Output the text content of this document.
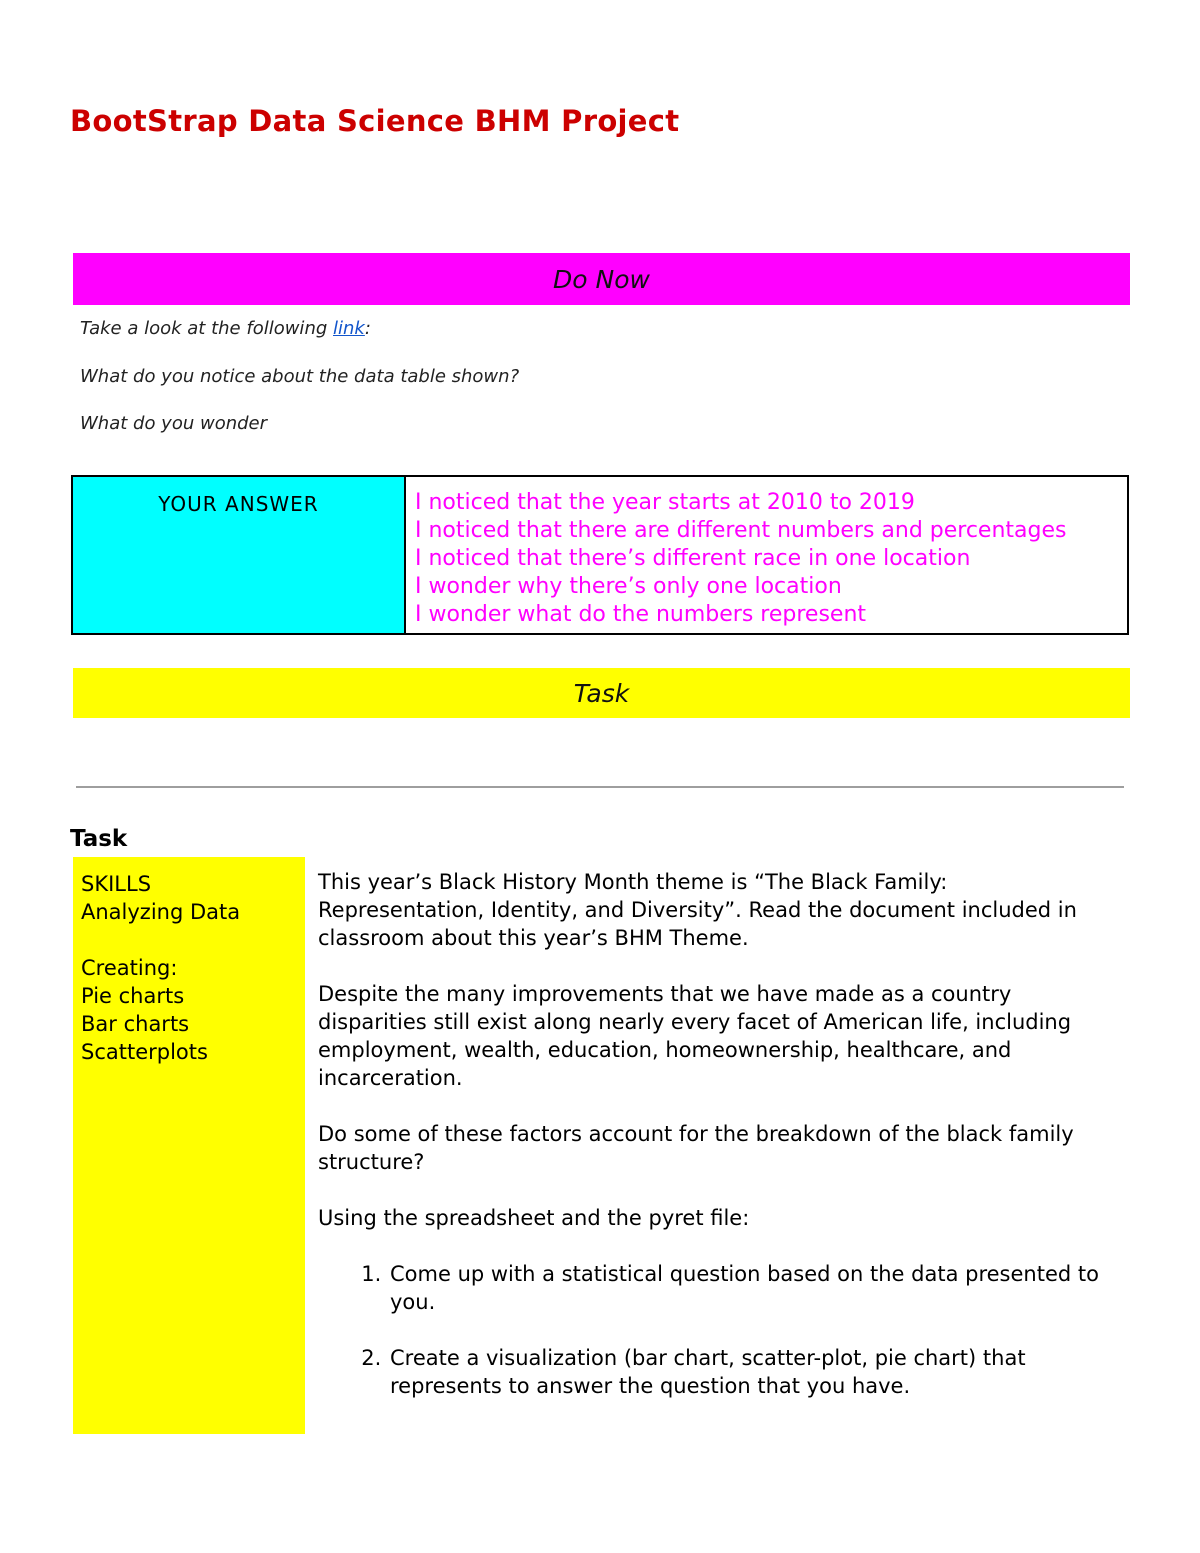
BootStrap Data Science BHM Project
Do Now
Take a look at the following link:
What do you notice about the data table shown?
What do you wonder
YOUR ANSWER	I noticed that the year starts at 2010 to 2019
I noticed that there are different numbers and percentages
I noticed that there’s different race in one location
I wonder why there’s only one location
I wonder what do the numbers represent
Task
Task
SKILLS
Analyzing Data
Creating:
Pie charts
Bar charts
Scatterplots

This year’s Black History Month theme is “The Black Family: Representation, Identity, and Diversity”. Read the document included in classroom about this year’s BHM Theme.

Despite the many improvements that we have made as a country disparities still exist along nearly every facet of American life, including employment, wealth, education, homeownership, healthcare, and incarceration.

Do some of these factors account for the breakdown of the black family structure?

Using the spreadsheet and the pyret file:

1. Come up with a statistical question based on the data presented to you.
2. Create a visualization (bar chart, scatter-plot, pie chart) that represents to answer the question that you have.
